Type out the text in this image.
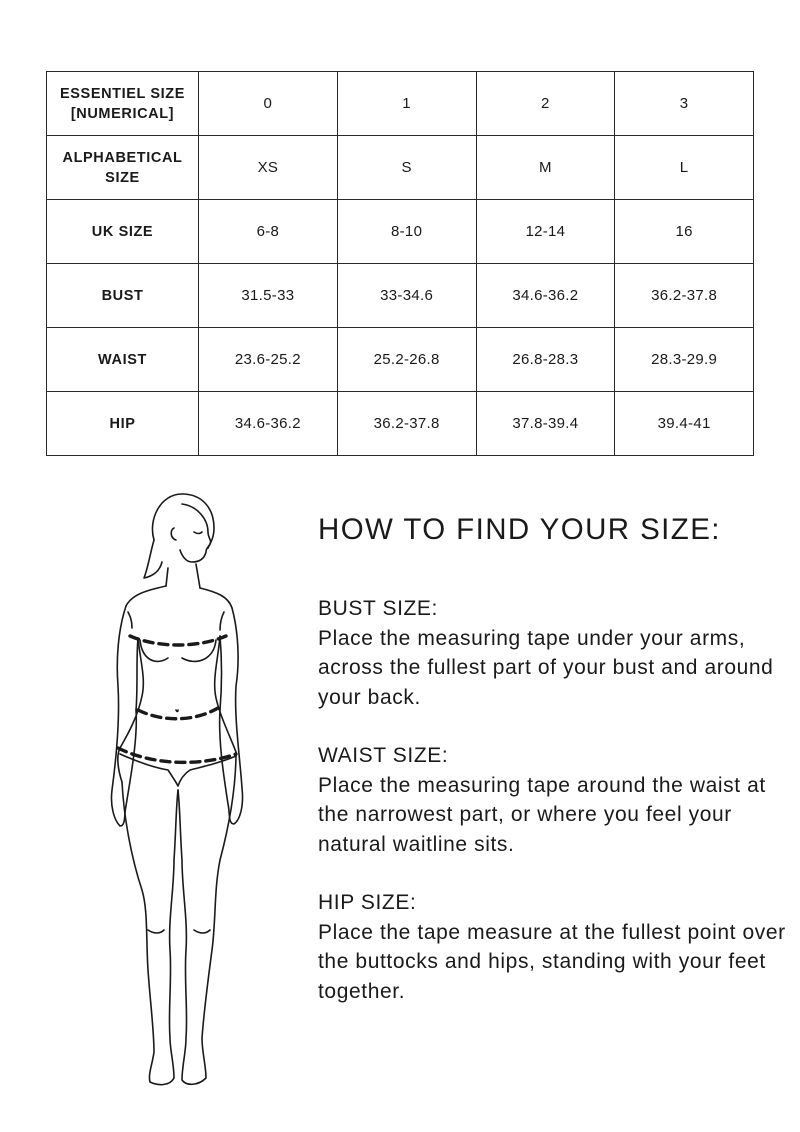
ESSENTIEL SIZE
[NUMERICAL]	0	1	2	3
ALPHABETICAL
SIZE	XS	S	M	L
UK SIZE	6-8	8-10	12-14	16
BUST	31.5-33	33-34.6	34.6-36.2	36.2-37.8
WAIST	23.6-25.2	25.2-26.8	26.8-28.3	28.3-29.9
HIP	34.6-36.2	36.2-37.8	37.8-39.4	39.4-41
HOW TO FIND YOUR SIZE:
BUST SIZE:
Place the measuring tape under your arms, across the fullest part of your bust and around your back.
WAIST SIZE:
Place the measuring tape around the waist at the narrowest part, or where you feel your natural waitline sits.
HIP SIZE:
Place the tape measure at the fullest point over the buttocks and hips, standing with your feet together.
